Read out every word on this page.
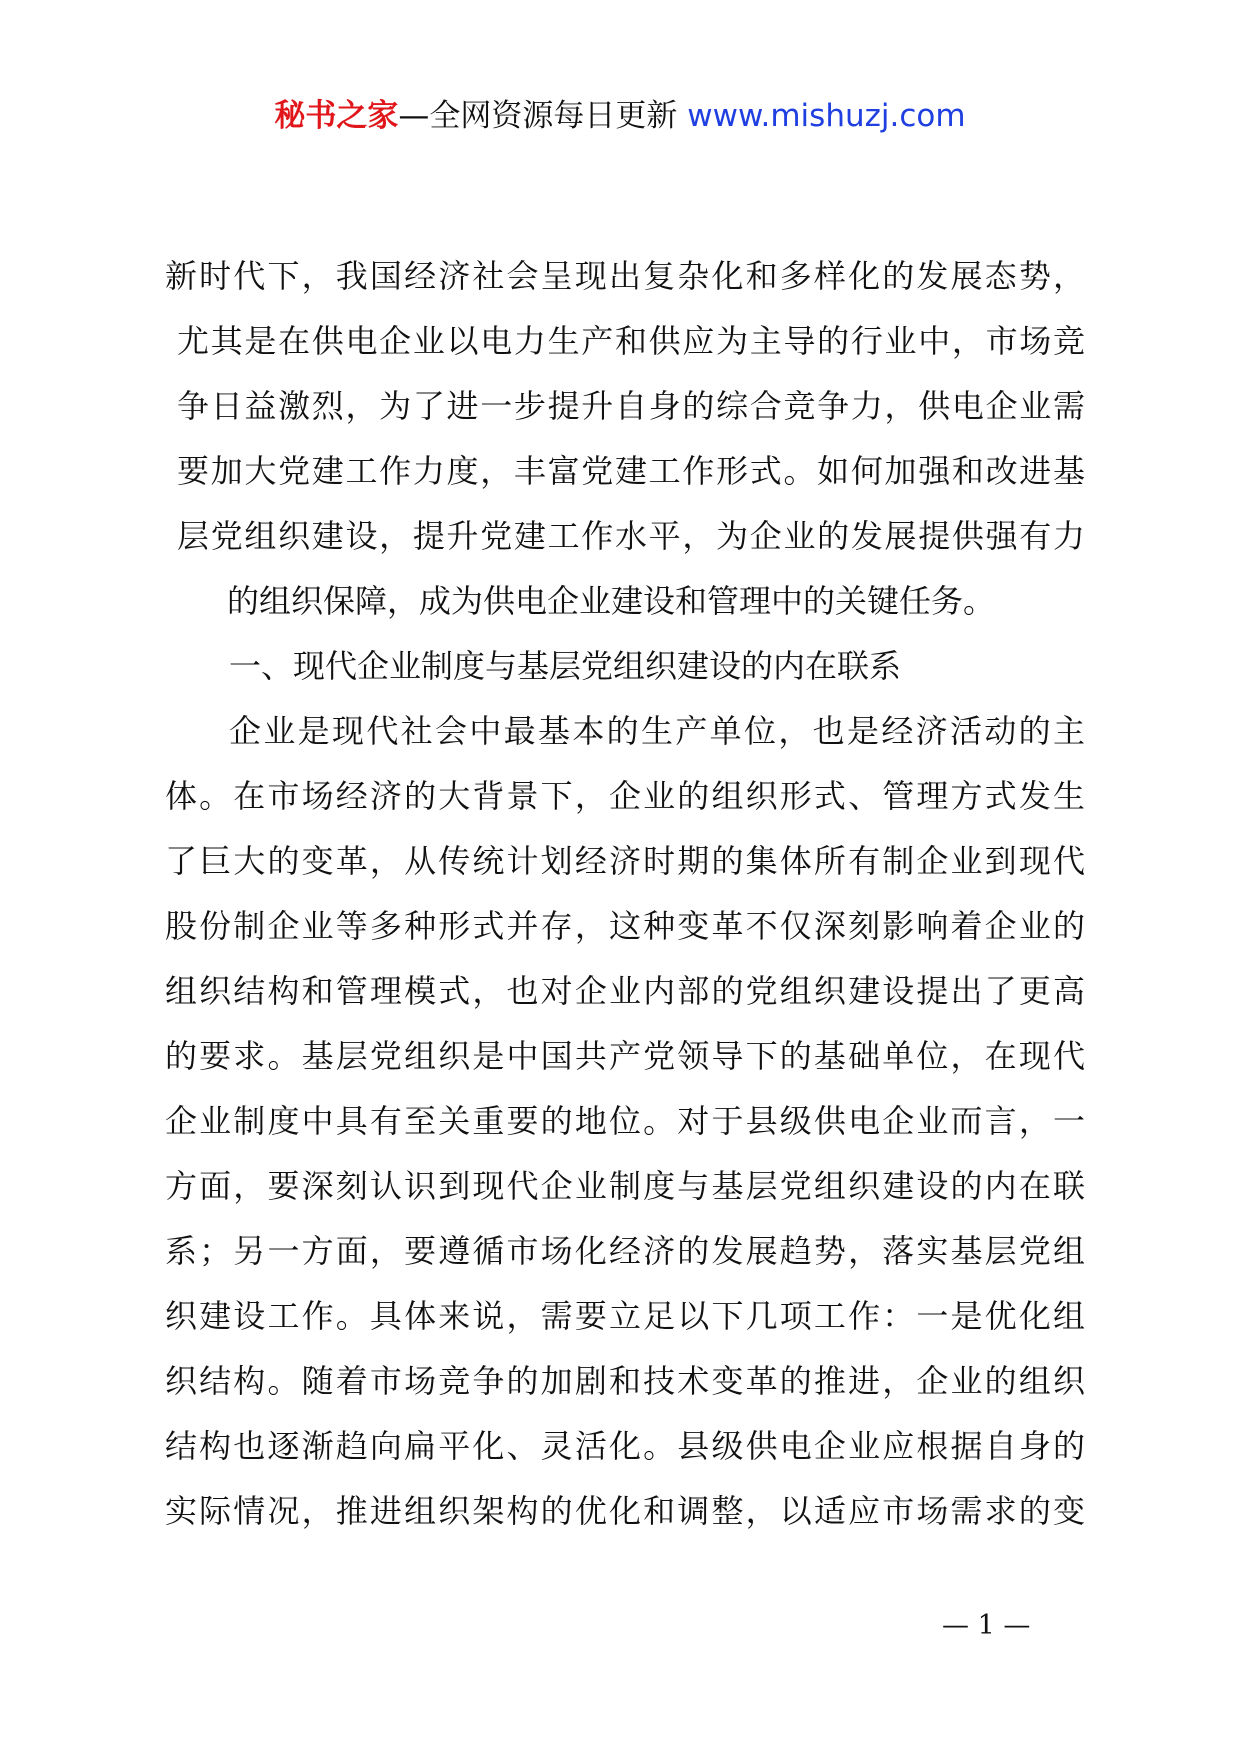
秘书之家—全网资源每日更新 www.mishuzj.com

新时代下，我国经济社会呈现出复杂化和多样化的发展态势，
尤其是在供电企业以电力生产和供应为主导的行业中，市场竞
争日益激烈，为了进一步提升自身的综合竞争力，供电企业需
要加大党建工作力度，丰富党建工作形式。如何加强和改进基
层党组织建设，提升党建工作水平，为企业的发展提供强有力
的组织保障，成为供电企业建设和管理中的关键任务。

一、现代企业制度与基层党组织建设的内在联系

企业是现代社会中最基本的生产单位，也是经济活动的主
体。在市场经济的大背景下，企业的组织形式、管理方式发生
了巨大的变革，从传统计划经济时期的集体所有制企业到现代
股份制企业等多种形式并存，这种变革不仅深刻影响着企业的
组织结构和管理模式，也对企业内部的党组织建设提出了更高
的要求。基层党组织是中国共产党领导下的基础单位，在现代
企业制度中具有至关重要的地位。对于县级供电企业而言，一
方面，要深刻认识到现代企业制度与基层党组织建设的内在联
系；另一方面，要遵循市场化经济的发展趋势，落实基层党组
织建设工作。具体来说，需要立足以下几项工作：一是优化组
织结构。随着市场竞争的加剧和技术变革的推进，企业的组织
结构也逐渐趋向扁平化、灵活化。县级供电企业应根据自身的
实际情况，推进组织架构的优化和调整，以适应市场需求的变

— 1 —
